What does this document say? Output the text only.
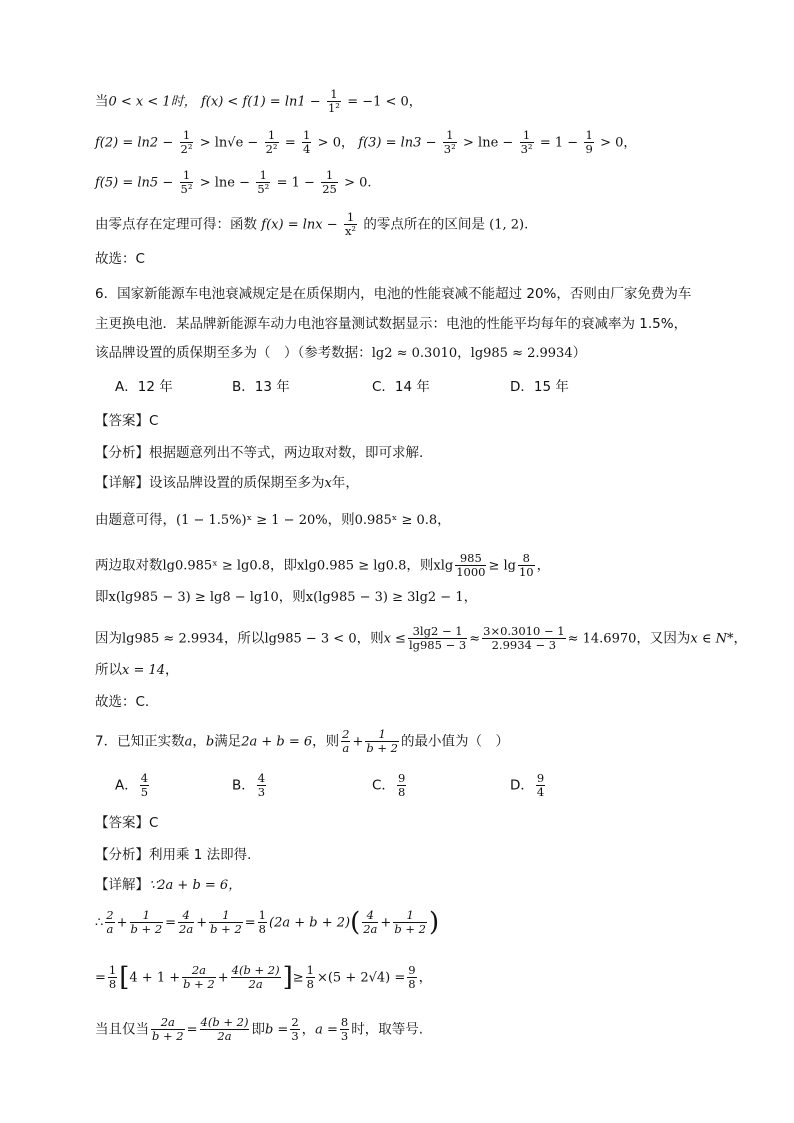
当0 < x < 1时， $f(x) < f(1) = \ln 1 - \frac{1}{\text{1²}} = -1 < 0$，
$f(2) = \ln 2 - \frac{1}{\text{2²}} > \ln√e - \frac{1}{\text{2²}} = \frac{1}{4} > 0$， $f(3) = \ln 3 - \frac{1}{\text{3²}} > \ln e - \frac{1}{\text{3²}} = 1 - \frac{1}{9} > 0$，
$f(5) = \ln 5 - \frac{1}{\text{5²}} > \ln e - \frac{1}{\text{5²}} = 1 - \frac{1}{25} > 0$.
由零点存在定理可得：函数 $f(x) = \ln x - \frac{1}{\text{x²}}$ 的零点所在的区间是 (1, 2).
故选：C
6．国家新能源车电池衰减规定是在质保期内，电池的性能衰减不能超过 20%，否则由厂家免费为车
主更换电池．某品牌新能源车动力电池容量测试数据显示：电池的性能平均每年的衰减率为 1.5%，
该品牌设置的质保期至多为（　）（参考数据：lg2 ≈ 0.3010，lg985 ≈ 2.9934）
A．12 年	B．13 年	C．14 年	D．15 年
【答案】C
【分析】根据题意列出不等式，两边取对数，即可求解.
【详解】设该品牌设置的质保期至多为x年，
由题意可得，(1 − 1.5%)ˣ ≥ 1 − 20%，则0.985ˣ ≥ 0.8，
两边取对数lg0.985ˣ ≥ lg0.8，即xlg0.985 ≥ lg0.8，则xlg $\frac{985}{1000} \ge \lg \frac{8}{10}$ ，
即x(lg985 − 3) ≥ lg8 − lg10，则x(lg985 − 3) ≥ 3lg2 − 1，
因为lg985 ≈ 2.9934，所以lg985 − 3 < 0，则$x \le \frac{3\lg 2 - 1}{\lg 985 - 3} \approx \frac{3\times 0.3010 - 1}{2.9934 - 3} \approx 14.6970$，又因为x ∈ N*，
所以x = 14，
故选：C.
7．已知正实数a，b满足2a + b = 6，则 $\frac{2}{a} + \frac{1}{b + 2}$ 的最小值为（　）
A． $\frac{4}{5}$	B． $\frac{4}{3}$	C． $\frac{9}{8}$	D． $\frac{9}{4}$
【答案】C
【分析】利用乘 1 法即得.
【详解】∵2a + b = 6，
∴ $\frac{2}{a} + \frac{1}{b + 2} = \frac{4}{2a} + \frac{1}{b + 2} = \frac{1}{8} (2a + b + 2)( \frac{4}{2a} + \frac{1}{b + 2}$ )
= $\frac{1}{8} [4 + 1 + \frac{2a}{b + 2} + \frac{4(b + 2)}{2a}$ ]≥ $\frac{1}{8} \times(5 + 2√4) = \frac{9}{8}$ ，
当且仅当 $\frac{2a}{b + 2} = \frac{4(b + 2)}{2a}$ 即$b = \frac{2}{3}$ ，$a = \frac{8}{3}$ 时，取等号.
